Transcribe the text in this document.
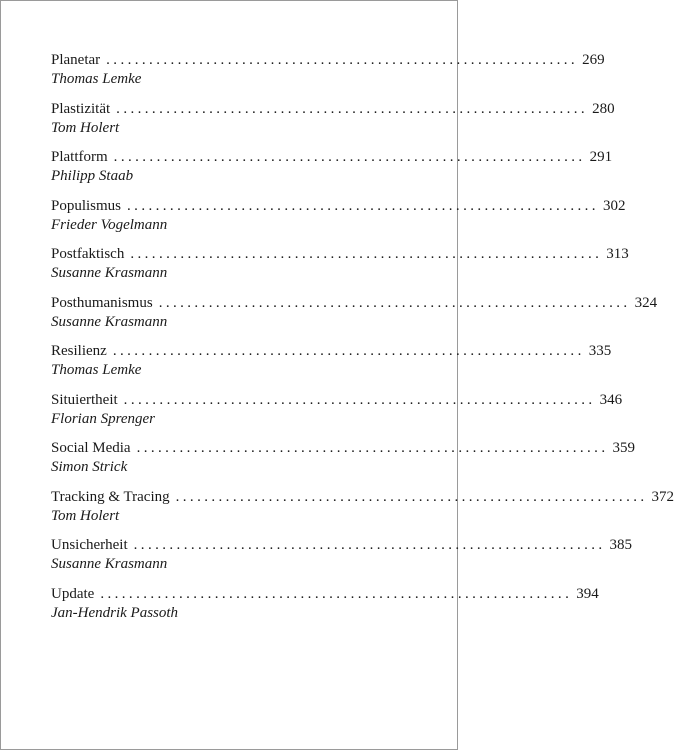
Planetar .................................................................. 269
Thomas Lemke
Plastizität .................................................................. 280
Tom Holert
Plattform .................................................................. 291
Philipp Staab
Populismus .................................................................. 302
Frieder Vogelmann
Postfaktisch .................................................................. 313
Susanne Krasmann
Posthumanismus .................................................................. 324
Susanne Krasmann
Resilienz .................................................................. 335
Thomas Lemke
Situiertheit .................................................................. 346
Florian Sprenger
Social Media .................................................................. 359
Simon Strick
Tracking & Tracing .................................................................. 372
Tom Holert
Unsicherheit .................................................................. 385
Susanne Krasmann
Update .................................................................. 394
Jan-Hendrik Passoth
